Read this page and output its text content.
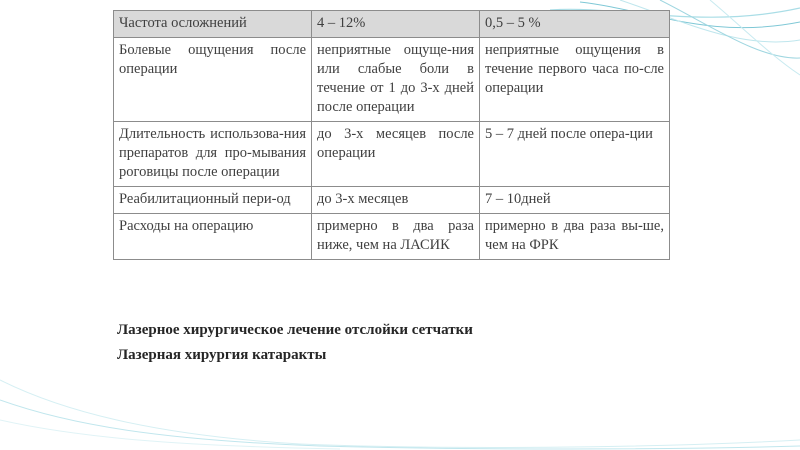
Частота осложнений	4 – 12%	0,5 – 5 %
Болевые ощущения после операции	неприятные ощуще-ния или слабые боли в течение от 1 до 3-х дней после операции	неприятные ощущения в течение первого часа по-сле операции
Длительность использова-ния препаратов для про-мывания роговицы после операции	до 3-х месяцев после операции	5 – 7 дней после опера-ции
Реабилитационный пери-од	до 3-х месяцев	7 – 10дней
Расходы на операцию	примерно в два раза ниже, чем на ЛАСИК	примерно в два раза вы-ше, чем на ФРК

Лазерное хирургическое лечение отслойки сетчатки

Лазерная хирургия катаракты
